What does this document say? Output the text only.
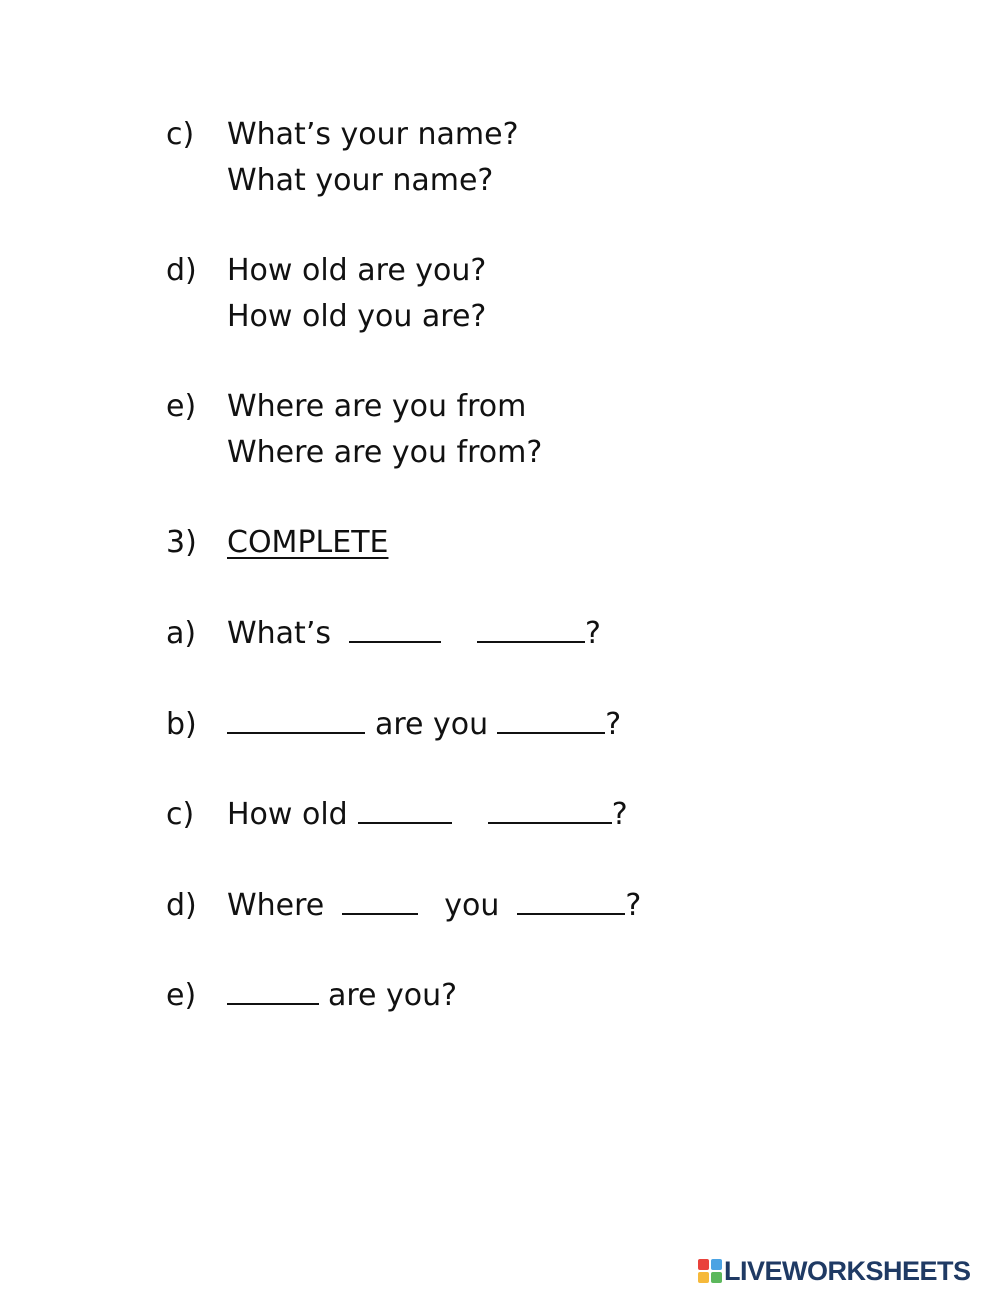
c) What’s your name?
What your name?
d) How old are you?
How old you are?
e) Where are you from
Where are you from?
3) COMPLETE
a) What’s	?
b)	are you	?
c) How old	?
d) Where	you	?
e)	are you?
LIVEWORKSHEETS
